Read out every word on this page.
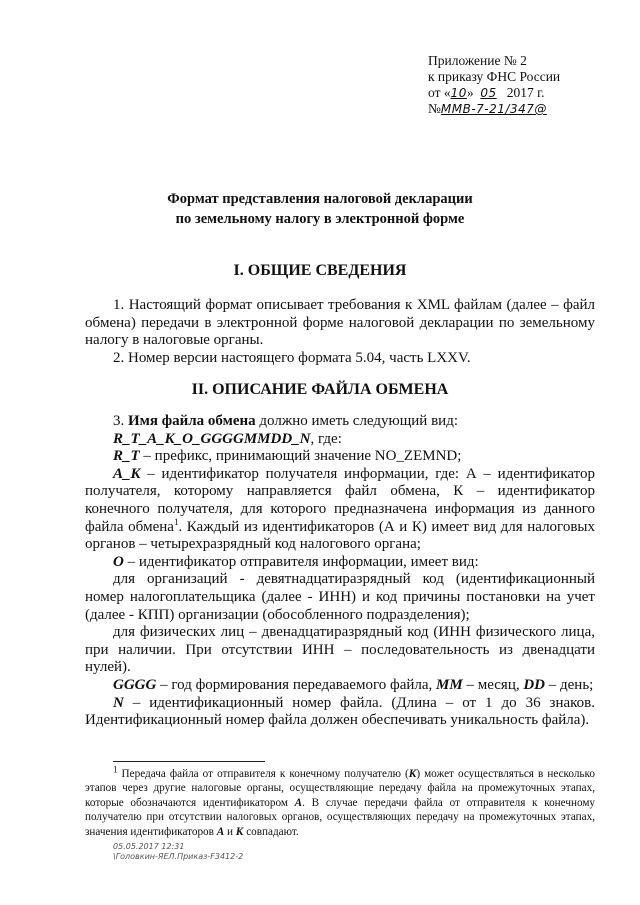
Приложение № 2
к приказу ФНС России
от «10» 05 2017 г.
№ММВ-7-21/347@
Формат представления налоговой декларации
по земельному налогу в электронной форме
I. ОБЩИЕ СВЕДЕНИЯ

1. Настоящий формат описывает требования к XML файлам (далее – файл обмена) передачи в электронной форме налоговой декларации по земельному налогу в налоговые органы.

2. Номер версии настоящего формата 5.04, часть LXXV.

II. ОПИСАНИЕ ФАЙЛА ОБМЕНА

3. Имя файла обмена должно иметь следующий вид:

R_T_A_K_O_GGGGMMDD_N, где:

R_T – префикс, принимающий значение NO_ZEMND;

A_K – идентификатор получателя информации, где: А – идентификатор получателя, которому направляется файл обмена, К – идентификатор конечного получателя, для которого предназначена информация из данного файла обмена$^1$. Каждый из идентификаторов (А и К) имеет вид для налоговых органов – четырехразрядный код налогового органа;

O – идентификатор отправителя информации, имеет вид:

для организаций - девятнадцатиразрядный код (идентификационный номер налогоплательщика (далее - ИНН) и код причины постановки на учет (далее - КПП) организации (обособленного подразделения);

для физических лиц – двенадцатиразрядный код (ИНН физического лица, при наличии. При отсутствии ИНН – последовательность из двенадцати нулей).

GGGG – год формирования передаваемого файла, MM – месяц, DD – день;

N – идентификационный номер файла. (Длина – от 1 до 36 знаков. Идентификационный номер файла должен обеспечивать уникальность файла).

$^1$ Передача файла от отправителя к конечному получателю (К) может осуществляться в несколько этапов через другие налоговые органы, осуществляющие передачу файла на промежуточных этапах, которые обозначаются идентификатором А. В случае передачи файла от отправителя к конечному получателю при отсутствии налоговых органов, осуществляющих передачу на промежуточных этапах, значения идентификаторов А и К совпадают.

05.05.2017 12:31
\Головкин-ЯЕЛ.Приказ-F3412-2
